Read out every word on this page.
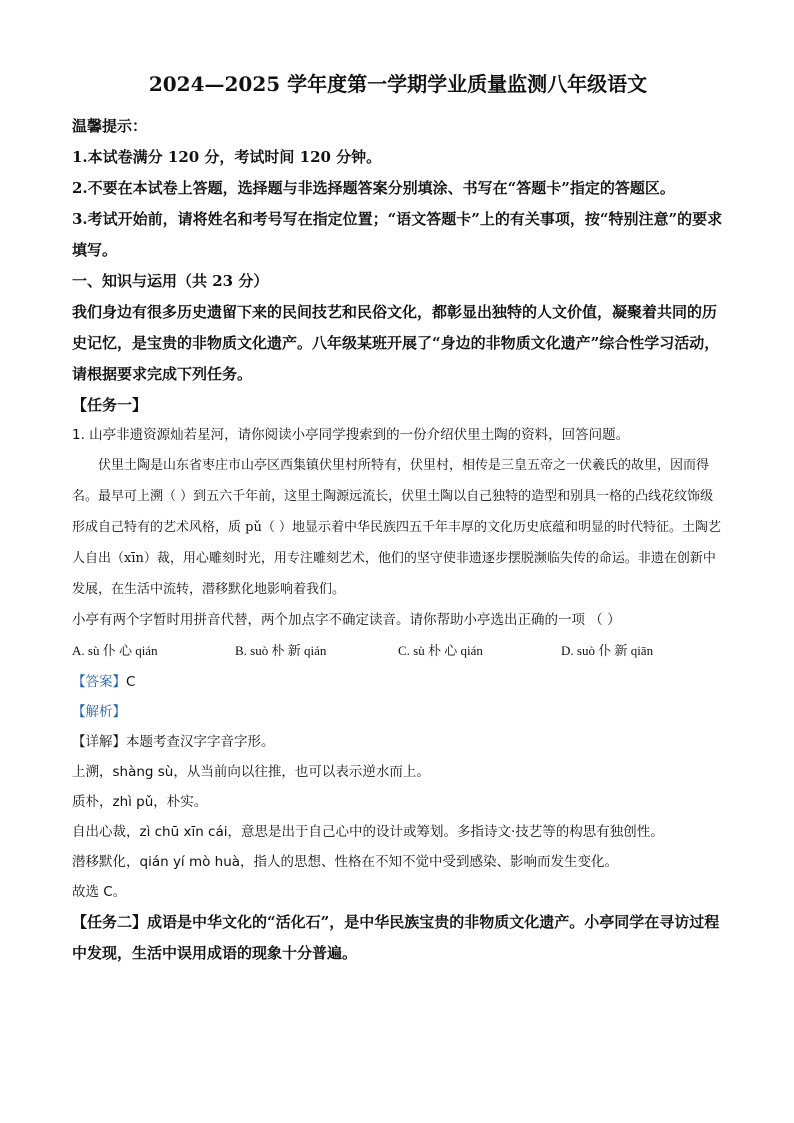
2024—2025 学年度第一学期学业质量监测八年级语文

温馨提示：

1.本试卷满分 120 分，考试时间 120 分钟。

2.不要在本试卷上答题，选择题与非选择题答案分别填涂、书写在“答题卡”指定的答题区。

3.考试开始前，请将姓名和考号写在指定位置；“语文答题卡”上的有关事项，按“特别注意”的要求填写。

一、知识与运用（共 23 分）

我们身边有很多历史遗留下来的民间技艺和民俗文化，都彰显出独特的人文价值，凝聚着共同的历史记忆，是宝贵的非物质文化遗产。八年级某班开展了“身边的非物质文化遗产”综合性学习活动，请根据要求完成下列任务。

【任务一】

1. 山亭非遗资源灿若星河，请你阅读小亭同学搜索到的一份介绍伏里土陶的资料，回答问题。

伏里土陶是山东省枣庄市山亭区西集镇伏里村所特有，伏里村，相传是三皇五帝之一伏羲氏的故里，因而得名。最早可上溯（ ）到五六千年前，这里土陶源远流长，伏里土陶以自己独特的造型和别具一格的凸线花纹饰级形成自己特有的艺术风格，质 pǔ（ ）地显示着中华民族四五千年丰厚的文化历史底蕴和明显的时代特征。土陶艺人自出（xīn）裁，用心雕刻时光，用专注雕刻艺术，他们的坚守使非遗逐步摆脱濒临失传的命运。非遗在创新中发展，在生活中流转，潜移默化地影响着我们。

小亭有两个字暂时用拼音代替，两个加点字不确定读音。请你帮助小亭选出正确的一项 （ ）

A. sù 仆 心 qián	B. suò 朴 新 qián	C. sù 朴 心 qián	D. suò 仆 新 qiān

【答案】C

【解析】

【详解】本题考查汉字字音字形。

上溯，shàng sù，从当前向以往推，也可以表示逆水而上。

质朴，zhì pǔ，朴实。

自出心裁，zì chū xīn cái，意思是出于自己心中的设计或筹划。多指诗文·技艺等的构思有独创性。

潜移默化，qián yí mò huà，指人的思想、性格在不知不觉中受到感染、影响而发生变化。

故选 C。

【任务二】成语是中华文化的“活化石”，是中华民族宝贵的非物质文化遗产。小亭同学在寻访过程中发现，生活中误用成语的现象十分普遍。
